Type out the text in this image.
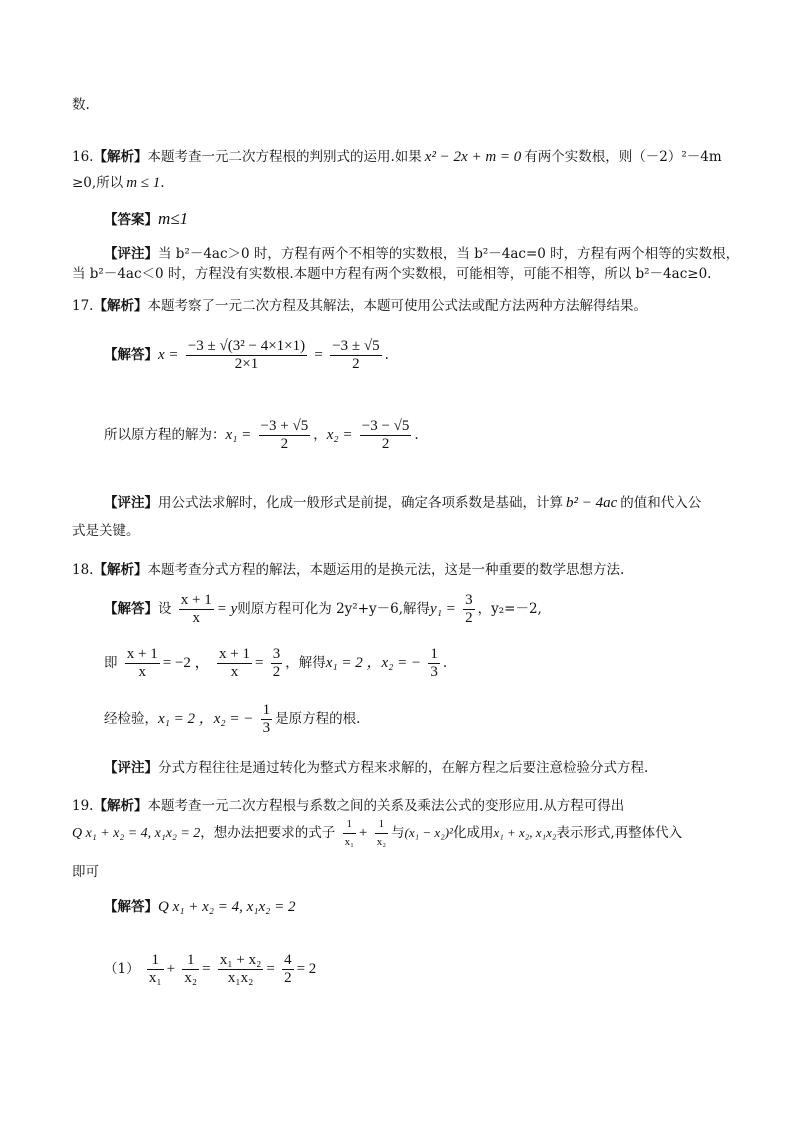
数.
16.【解析】本题考查一元二次方程根的判别式的运用.如果 x² − 2x + m = 0 有两个实数根，则（－2）²－4m
≥0,所以 m ≤ 1.
【答案】m≤1
【评注】当 b²－4ac＞0 时，方程有两个不相等的实数根，当 b²－4ac=0 时，方程有两个相等的实数根，
当 b²－4ac＜0 时，方程没有实数根.本题中方程有两个实数根，可能相等，可能不相等，所以 b²－4ac≥0.
17.【解析】本题考察了一元二次方程及其解法，本题可使用公式法或配方法两种方法解得结果。
【解答】$x = \frac{\text{−3 ± √(3² − 4×1×1)}}{2\times 1} = \frac{-3 \pm √5}{2}$ .
所以原方程的解为：$x_1 = \frac{-3 + √5}{2}$ ，$x_2 = \frac{-3 - √5}{2}$ .
【评注】用公式法求解时，化成一般形式是前提，确定各项系数是基础，计算 b² − 4ac 的值和代入公
式是关键。
18.【解析】本题考查分式方程的解法，本题运用的是换元法，这是一种重要的数学思想方法.
【解答】设 $\frac{x + 1}{x} = y$则原方程可化为 2y²+y－6,解得$y_1 = \frac{3}{2}$ ，y₂=－2,
即 $\frac{x + 1}{x} = -2$ ， $\frac{x + 1}{x} = \frac{3}{2}$ ，解得x₁ = 2 ，x₂ = − $\frac{1}{3}$ .
经检验，x₁ = 2 ，x₂ = − $\frac{1}{3}$ 是原方程的根.
【评注】分式方程往往是通过转化为整式方程来求解的，在解方程之后要注意检验分式方程.
19.【解析】本题考查一元二次方程根与系数之间的关系及乘法公式的变形应用.从方程可得出
Q x₁ + x₂ = 4, x₁x₂ = 2，想办法把要求的式子 $\frac{1}{\text{x₁}} + \frac{1}{\text{x₂}}$ 与(x₁ − x₂)²化成用x₁ + x₂, x₁x₂表示形式,再整体代入
即可
【解答】Q x₁ + x₂ = 4, x₁x₂ = 2
$(1) \frac{1}{\text{x₁}} + \frac{1}{\text{x₂}} = \frac{\text{x₁ + x₂}}{\text{x₁x₂}} = \frac{4}{2} = 2$
